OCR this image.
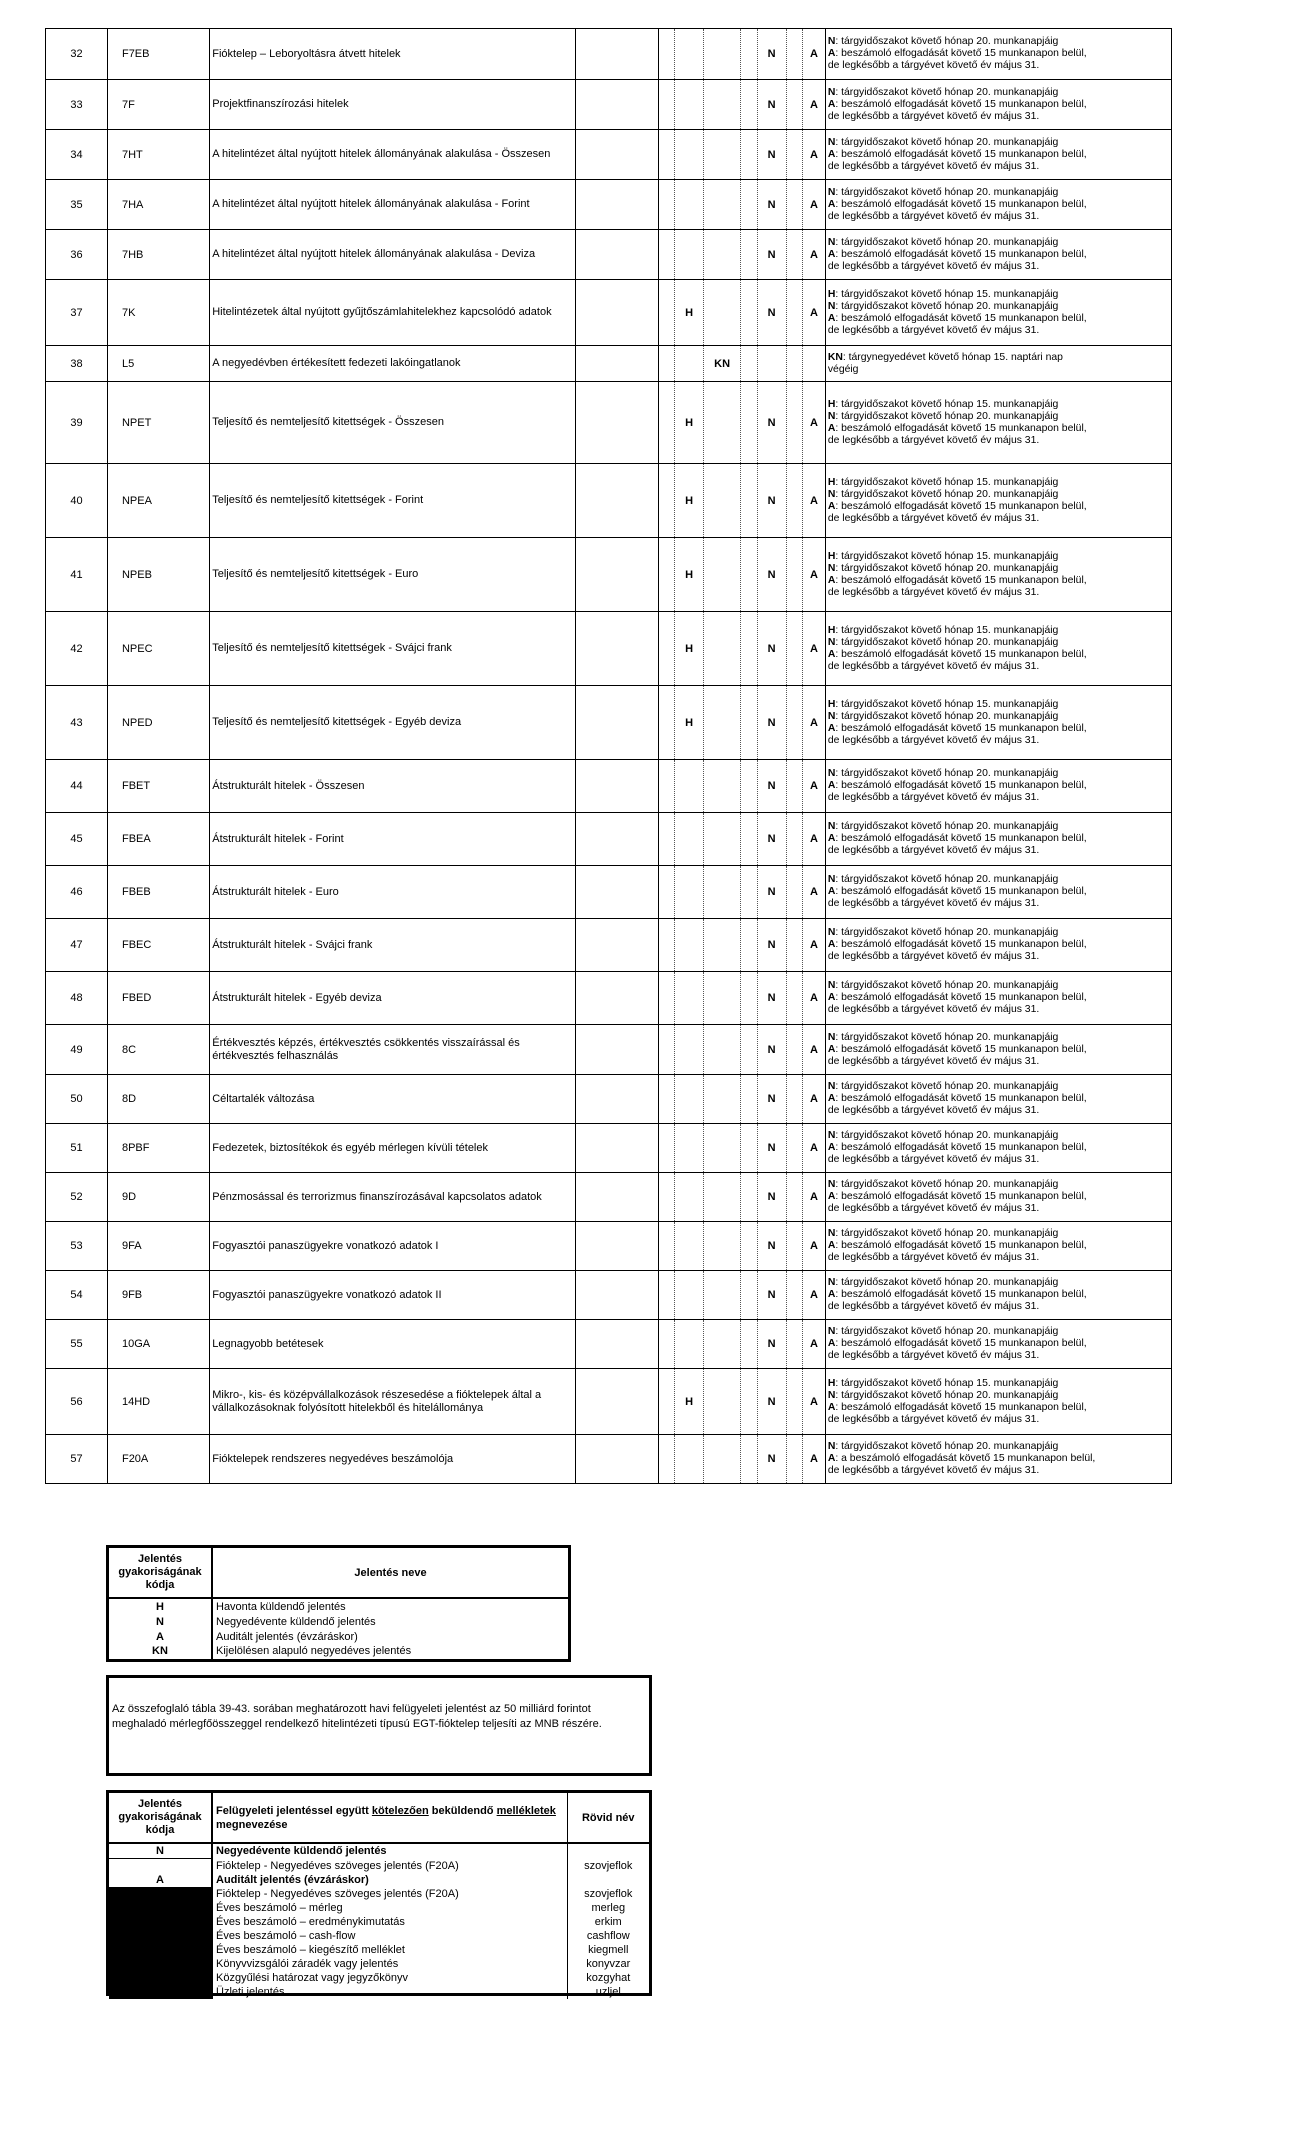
32	F7EB	Fióktelep – Leboryoltásra átvett hitelek						N		A	N: tárgyidőszakot követő hónap 20. munkanapjáig
A: beszámoló elfogadását követő 15 munkanapon belül,
de legkésőbb a tárgyévet követő év május 31.

33	7F	Projektfinanszírozási hitelek						N		A	N: tárgyidőszakot követő hónap 20. munkanapjáig
A: beszámoló elfogadását követő 15 munkanapon belül,
de legkésőbb a tárgyévet követő év május 31.

34	7HT	A hitelintézet által nyújtott hitelek állományának alakulása - Összesen						N		A	N: tárgyidőszakot követő hónap 20. munkanapjáig
A: beszámoló elfogadását követő 15 munkanapon belül,
de legkésőbb a tárgyévet követő év május 31.

35	7HA	A hitelintézet által nyújtott hitelek állományának alakulása - Forint						N		A	N: tárgyidőszakot követő hónap 20. munkanapjáig
A: beszámoló elfogadását követő 15 munkanapon belül,
de legkésőbb a tárgyévet követő év május 31.

36	7HB	A hitelintézet által nyújtott hitelek állományának alakulása - Deviza						N		A	N: tárgyidőszakot követő hónap 20. munkanapjáig
A: beszámoló elfogadását követő 15 munkanapon belül,
de legkésőbb a tárgyévet követő év május 31.

37	7K	Hitelintézetek által nyújtott gyűjtőszámlahitelekhez kapcsolódó adatok			H			N		A	H: tárgyidőszakot követő hónap 15. munkanapjáig
N: tárgyidőszakot követő hónap 20. munkanapjáig
A: beszámoló elfogadását követő 15 munkanapon belül,
de legkésőbb a tárgyévet követő év május 31.

38	L5	A negyedévben értékesített fedezeti lakóingatlanok				KN					KN: tárgynegyedévet követő hónap 15. naptári nap
végéig

39	NPET	Teljesítő és nemteljesítő kitettségek - Összesen			H			N		A	H: tárgyidőszakot követő hónap 15. munkanapjáig
N: tárgyidőszakot követő hónap 20. munkanapjáig
A: beszámoló elfogadását követő 15 munkanapon belül,
de legkésőbb a tárgyévet követő év május 31.

40	NPEA	Teljesítő és nemteljesítő kitettségek - Forint			H			N		A	H: tárgyidőszakot követő hónap 15. munkanapjáig
N: tárgyidőszakot követő hónap 20. munkanapjáig
A: beszámoló elfogadását követő 15 munkanapon belül,
de legkésőbb a tárgyévet követő év május 31.

41	NPEB	Teljesítő és nemteljesítő kitettségek - Euro			H			N		A	H: tárgyidőszakot követő hónap 15. munkanapjáig
N: tárgyidőszakot követő hónap 20. munkanapjáig
A: beszámoló elfogadását követő 15 munkanapon belül,
de legkésőbb a tárgyévet követő év május 31.

42	NPEC	Teljesítő és nemteljesítő kitettségek - Svájci frank			H			N		A	H: tárgyidőszakot követő hónap 15. munkanapjáig
N: tárgyidőszakot követő hónap 20. munkanapjáig
A: beszámoló elfogadását követő 15 munkanapon belül,
de legkésőbb a tárgyévet követő év május 31.

43	NPED	Teljesítő és nemteljesítő kitettségek - Egyéb deviza			H			N		A	H: tárgyidőszakot követő hónap 15. munkanapjáig
N: tárgyidőszakot követő hónap 20. munkanapjáig
A: beszámoló elfogadását követő 15 munkanapon belül,
de legkésőbb a tárgyévet követő év május 31.

44	FBET	Átstrukturált hitelek - Összesen						N		A	N: tárgyidőszakot követő hónap 20. munkanapjáig
A: beszámoló elfogadását követő 15 munkanapon belül,
de legkésőbb a tárgyévet követő év május 31.

45	FBEA	Átstrukturált hitelek - Forint						N		A	N: tárgyidőszakot követő hónap 20. munkanapjáig
A: beszámoló elfogadását követő 15 munkanapon belül,
de legkésőbb a tárgyévet követő év május 31.

46	FBEB	Átstrukturált hitelek - Euro						N		A	N: tárgyidőszakot követő hónap 20. munkanapjáig
A: beszámoló elfogadását követő 15 munkanapon belül,
de legkésőbb a tárgyévet követő év május 31.

47	FBEC	Átstrukturált hitelek - Svájci frank						N		A	N: tárgyidőszakot követő hónap 20. munkanapjáig
A: beszámoló elfogadását követő 15 munkanapon belül,
de legkésőbb a tárgyévet követő év május 31.

48	FBED	Átstrukturált hitelek - Egyéb deviza						N		A	N: tárgyidőszakot követő hónap 20. munkanapjáig
A: beszámoló elfogadását követő 15 munkanapon belül,
de legkésőbb a tárgyévet követő év május 31.

49	8C	Értékvesztés képzés, értékvesztés csökkentés visszaírással és értékvesztés felhasználás						N		A	N: tárgyidőszakot követő hónap 20. munkanapjáig
A: beszámoló elfogadását követő 15 munkanapon belül,
de legkésőbb a tárgyévet követő év május 31.

50	8D	Céltartalék változása						N		A	N: tárgyidőszakot követő hónap 20. munkanapjáig
A: beszámoló elfogadását követő 15 munkanapon belül,
de legkésőbb a tárgyévet követő év május 31.

51	8PBF	Fedezetek, biztosítékok és egyéb mérlegen kívüli tételek						N		A	N: tárgyidőszakot követő hónap 20. munkanapjáig
A: beszámoló elfogadását követő 15 munkanapon belül,
de legkésőbb a tárgyévet követő év május 31.

52	9D	Pénzmosással és terrorizmus finanszírozásával kapcsolatos adatok						N		A	N: tárgyidőszakot követő hónap 20. munkanapjáig
A: beszámoló elfogadását követő 15 munkanapon belül,
de legkésőbb a tárgyévet követő év május 31.

53	9FA	Fogyasztói panaszügyekre vonatkozó adatok I						N		A	N: tárgyidőszakot követő hónap 20. munkanapjáig
A: beszámoló elfogadását követő 15 munkanapon belül,
de legkésőbb a tárgyévet követő év május 31.

54	9FB	Fogyasztói panaszügyekre vonatkozó adatok II						N		A	N: tárgyidőszakot követő hónap 20. munkanapjáig
A: beszámoló elfogadását követő 15 munkanapon belül,
de legkésőbb a tárgyévet követő év május 31.

55	10GA	Legnagyobb betétesek						N		A	N: tárgyidőszakot követő hónap 20. munkanapjáig
A: beszámoló elfogadását követő 15 munkanapon belül,
de legkésőbb a tárgyévet követő év május 31.

56	14HD	Mikro-, kis- és középvállalkozások részesedése a fióktelepek által a vállalkozásoknak folyósított hitelekből és hitelállománya			H			N		A	H: tárgyidőszakot követő hónap 15. munkanapjáig
N: tárgyidőszakot követő hónap 20. munkanapjáig
A: beszámoló elfogadását követő 15 munkanapon belül,
de legkésőbb a tárgyévet követő év május 31.

57	F20A	Fióktelepek rendszeres negyedéves beszámolója						N		A	N: tárgyidőszakot követő hónap 20. munkanapjáig
A: a beszámoló elfogadását követő 15 munkanapon belül,
de legkésőbb a tárgyévet követő év május 31.
Jelentés gyakoriságának kódja	Jelentés neve
H	Havonta küldendő jelentés
N	Negyedévente küldendő jelentés
A	Auditált jelentés (évzáráskor)
KN	Kijelölésen alapuló negyedéves jelentés
Az összefoglaló tábla 39-43. sorában meghatározott havi felügyeleti jelentést az 50 milliárd forintot meghaladó mérlegfőösszeggel rendelkező hitelintézeti típusú EGT-fióktelep teljesíti az MNB részére.
Jelentés gyakoriságának kódja	Felügyeleti jelentéssel együtt kötelezően beküldendő mellékletek megnevezése	Rövid név
N	Negyedévente küldendő jelentés	
	Fióktelep - Negyedéves szöveges jelentés (F20A)	szovjeflok
A	Auditált jelentés (évzáráskor)	
	Fióktelep - Negyedéves szöveges jelentés (F20A)	szovjeflok
	Éves beszámoló – mérleg	merleg
	Éves beszámoló – eredménykimutatás	erkim
	Éves beszámoló – cash-flow	cashflow
	Éves beszámoló – kiegészítő melléklet	kiegmell
	Könyvvizsgálói záradék vagy jelentés	konyvzar
	Közgyűlési határozat vagy jegyzőkönyv	kozgyhat
	Üzleti jelentés	uzljel
